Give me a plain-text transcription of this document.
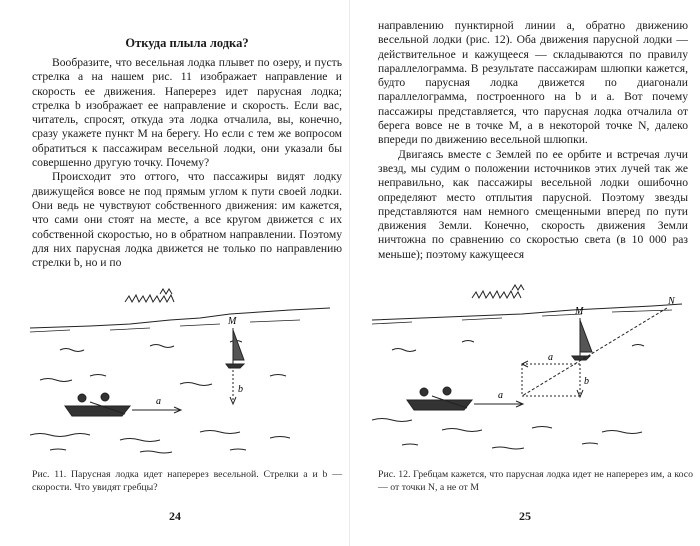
Откуда плыла лодка?

Вообразите, что весельная лодка плывет по озеру, и пусть стрелка a на нашем рис. 11 изображает направление и скорость ее движения. Наперерез идет парусная лодка; стрелка b изображает ее направление и скорость. Если вас, читатель, спросят, откуда эта лодка отчалила, вы, конечно, сразу укажете пункт M на берегу. Но если с тем же вопросом обратиться к пассажирам весельной лодки, они указали бы совершенно другую точку. Почему?

Происходит это оттого, что пассажиры видят лодку движущейся вовсе не под прямым углом к пути своей лодки. Они ведь не чувствуют собственного движения: им кажется, что сами они стоят на месте, а все кругом движется с их собственной скоростью, но в обратном направлении. Поэтому для них парусная лодка движется не только по направлению стрелки b, но и по

M
b
a

Рис. 11. Парусная лодка идет наперерез весельной. Стрелки a и b — скорости. Что увидят гребцы?

24

направлению пунктирной линии a, обратно движению весельной лодки (рис. 12). Оба движения парусной лодки — действительное и кажущееся — складываются по правилу параллелограмма. В результате пассажирам шлюпки кажется, будто парусная лодка движется по диагонали параллелограмма, построенного на b и a. Вот почему пассажиры представляется, что парусная лодка отчалила от берега вовсе не в точке M, а в некоторой точке N, далеко впереди по движению весельной шлюпки.

Двигаясь вместе с Землей по ее орбите и встречая лучи звезд, мы судим о положении источников этих лучей так же неправильно, как пассажиры весельной лодки ошибочно определяют место отплытия парусной. Поэтому звезды представляются нам немного смещенными вперед по пути движения Земли. Конечно, скорость движения Земли ничтожна по сравнению со скоростью света (в 10 000 раз меньше); поэтому кажущееся

M
N
a
b
a

Рис. 12. Гребцам кажется, что парусная лодка идет не наперерез им, а косо — от точки N, а не от M

25
